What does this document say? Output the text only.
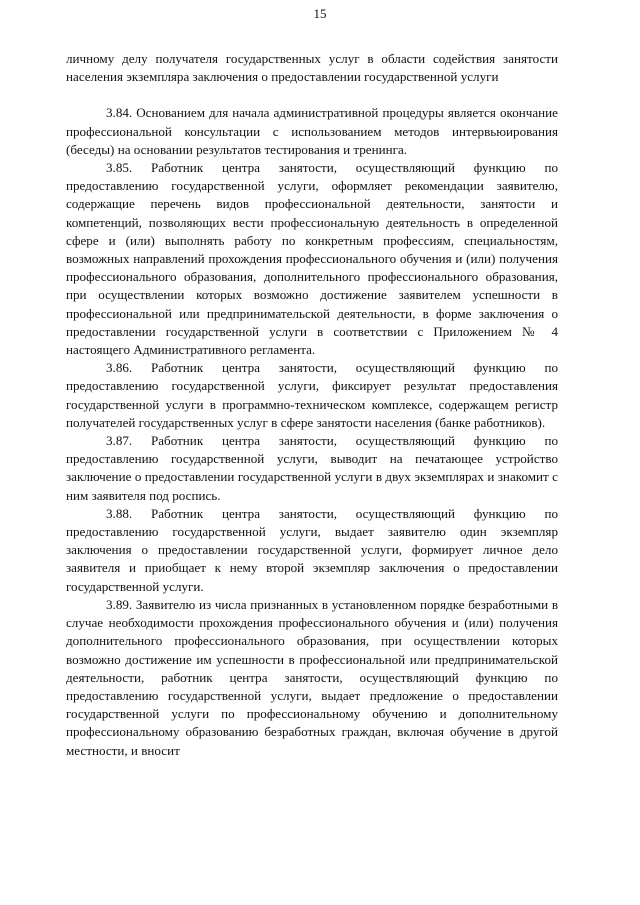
15

личному делу получателя государственных услуг в области содействия занятости населения экземпляра заключения о предоставлении государственной услуги

3.84. Основанием для начала административной процедуры является окончание профессиональной консультации с использованием методов интервьюирования (беседы) на основании результатов тестирования и тренинга.

3.85. Работник центра занятости, осуществляющий функцию по предоставлению государственной услуги, оформляет рекомендации заявителю, содержащие перечень видов профессиональной деятельности, занятости и компетенций, позволяющих вести профессиональную деятельность в определенной сфере и (или) выполнять работу по конкретным профессиям, специальностям, возможных направлений прохождения профессионального обучения и (или) получения профессионального образования, дополнительного профессионального образования, при осуществлении которых возможно достижение заявителем успешности в профессиональной или предпринимательской деятельности, в форме заключения о предоставлении государственной услуги в соответствии с Приложением № 4 настоящего Административного регламента.

3.86. Работник центра занятости, осуществляющий функцию по предоставлению государственной услуги, фиксирует результат предоставления государственной услуги в программно-техническом комплексе, содержащем регистр получателей государственных услуг в сфере занятости населения (банке работников).

3.87. Работник центра занятости, осуществляющий функцию по предоставлению государственной услуги, выводит на печатающее устройство заключение о предоставлении государственной услуги в двух экземплярах и знакомит с ним заявителя под роспись.

3.88. Работник центра занятости, осуществляющий функцию по предоставлению государственной услуги, выдает заявителю один экземпляр заключения о предоставлении государственной услуги, формирует личное дело заявителя и приобщает к нему второй экземпляр заключения о предоставлении государственной услуги.

3.89. Заявителю из числа признанных в установленном порядке безработными в случае необходимости прохождения профессионального обучения и (или) получения дополнительного профессионального образования, при осуществлении которых возможно достижение им успешности в профессиональной или предпринимательской деятельности, работник центра занятости, осуществляющий функцию по предоставлению государственной услуги, выдает предложение о предоставлении государственной услуги по профессиональному обучению и дополнительному профессиональному образованию безработных граждан, включая обучение в другой местности, и вносит
